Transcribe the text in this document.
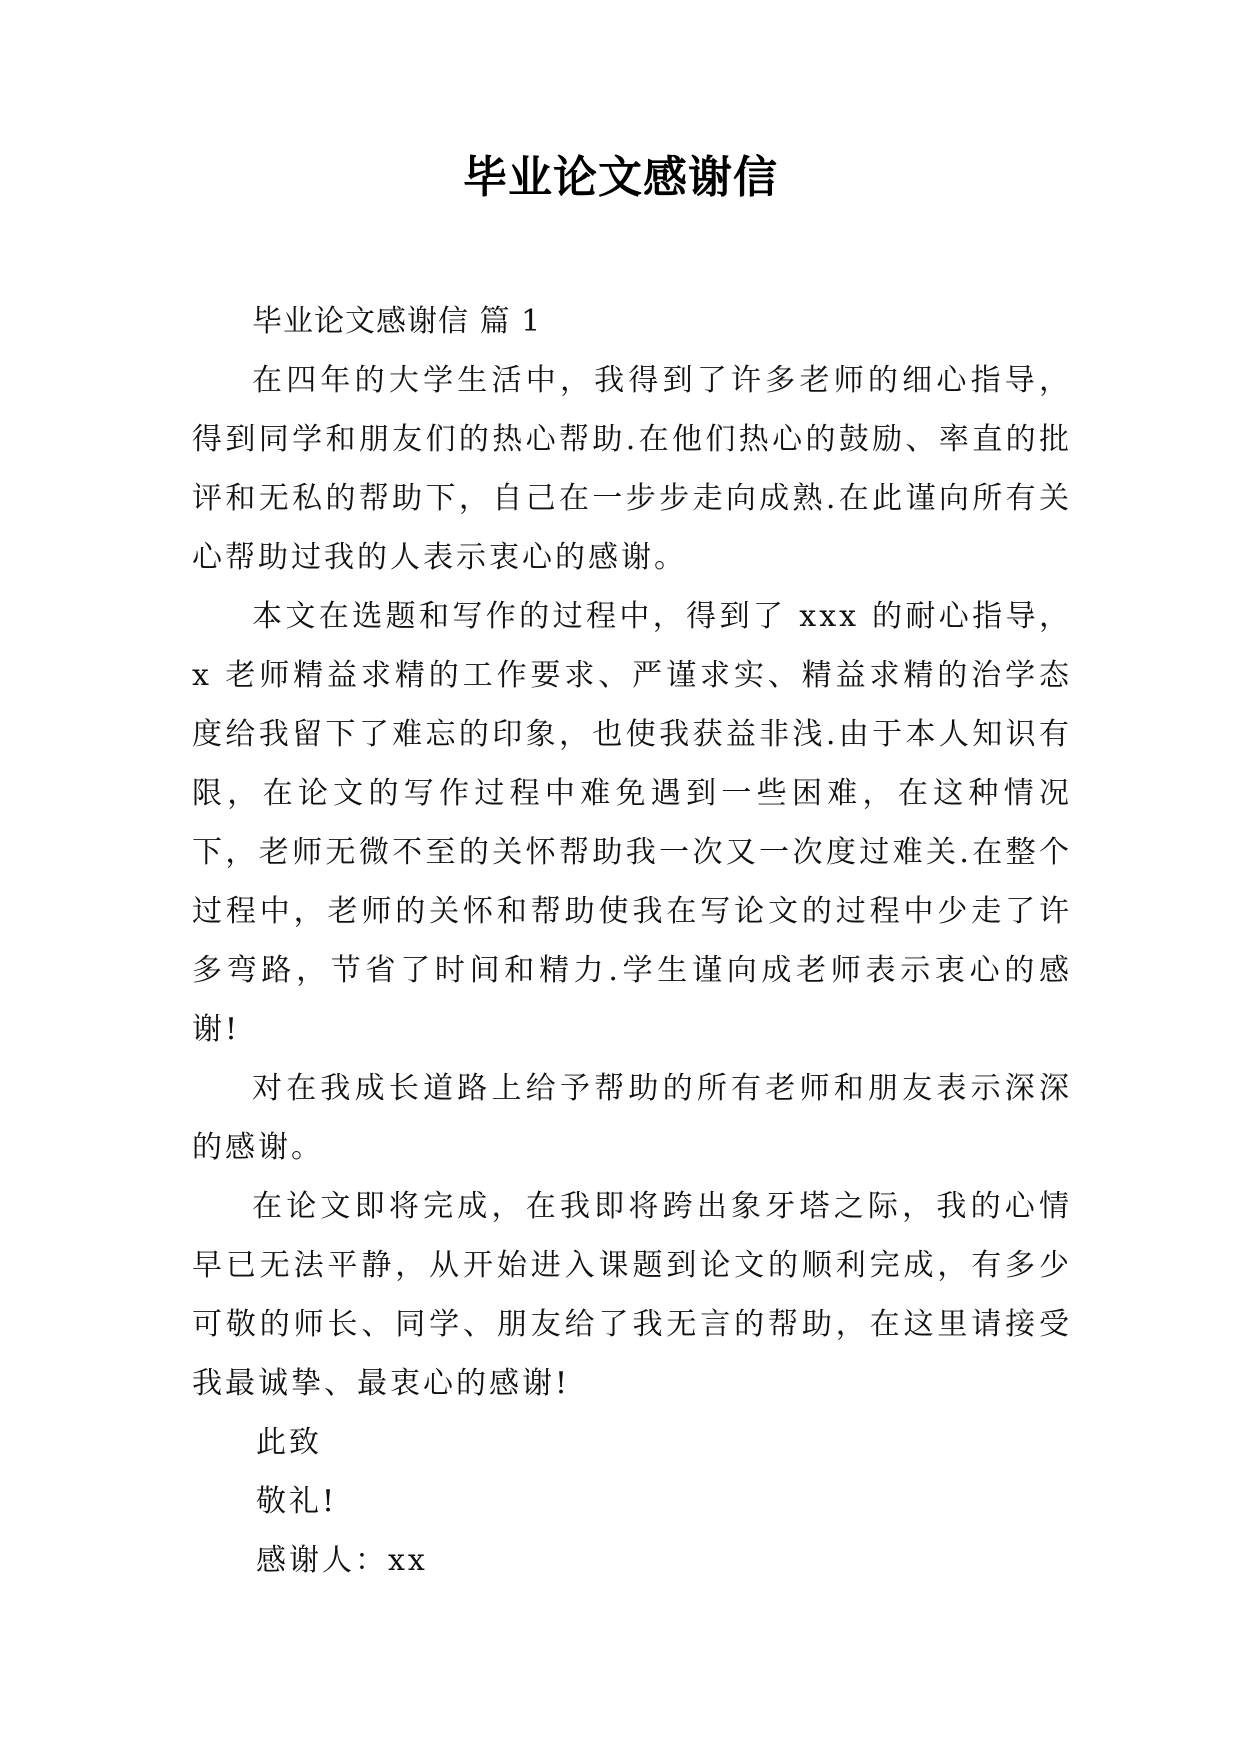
毕业论文感谢信

毕业论文感谢信 篇 1

在四年的大学生活中，我得到了许多老师的细心指导，得到同学和朋友们的热心帮助.在他们热心的鼓励、率直的批评和无私的帮助下，自己在一步步走向成熟.在此谨向所有关心帮助过我的人表示衷心的感谢。

本文在选题和写作的过程中，得到了 xxx 的耐心指导，x 老师精益求精的工作要求、严谨求实、精益求精的治学态度给我留下了难忘的印象，也使我获益非浅.由于本人知识有限，在论文的写作过程中难免遇到一些困难，在这种情况下，老师无微不至的关怀帮助我一次又一次度过难关.在整个过程中，老师的关怀和帮助使我在写论文的过程中少走了许多弯路，节省了时间和精力.学生谨向成老师表示衷心的感谢!

对在我成长道路上给予帮助的所有老师和朋友表示深深的感谢。

在论文即将完成，在我即将跨出象牙塔之际，我的心情早已无法平静，从开始进入课题到论文的顺利完成，有多少可敬的师长、同学、朋友给了我无言的帮助，在这里请接受我最诚挚、最衷心的感谢!

此致

敬礼!

感谢人：xx
